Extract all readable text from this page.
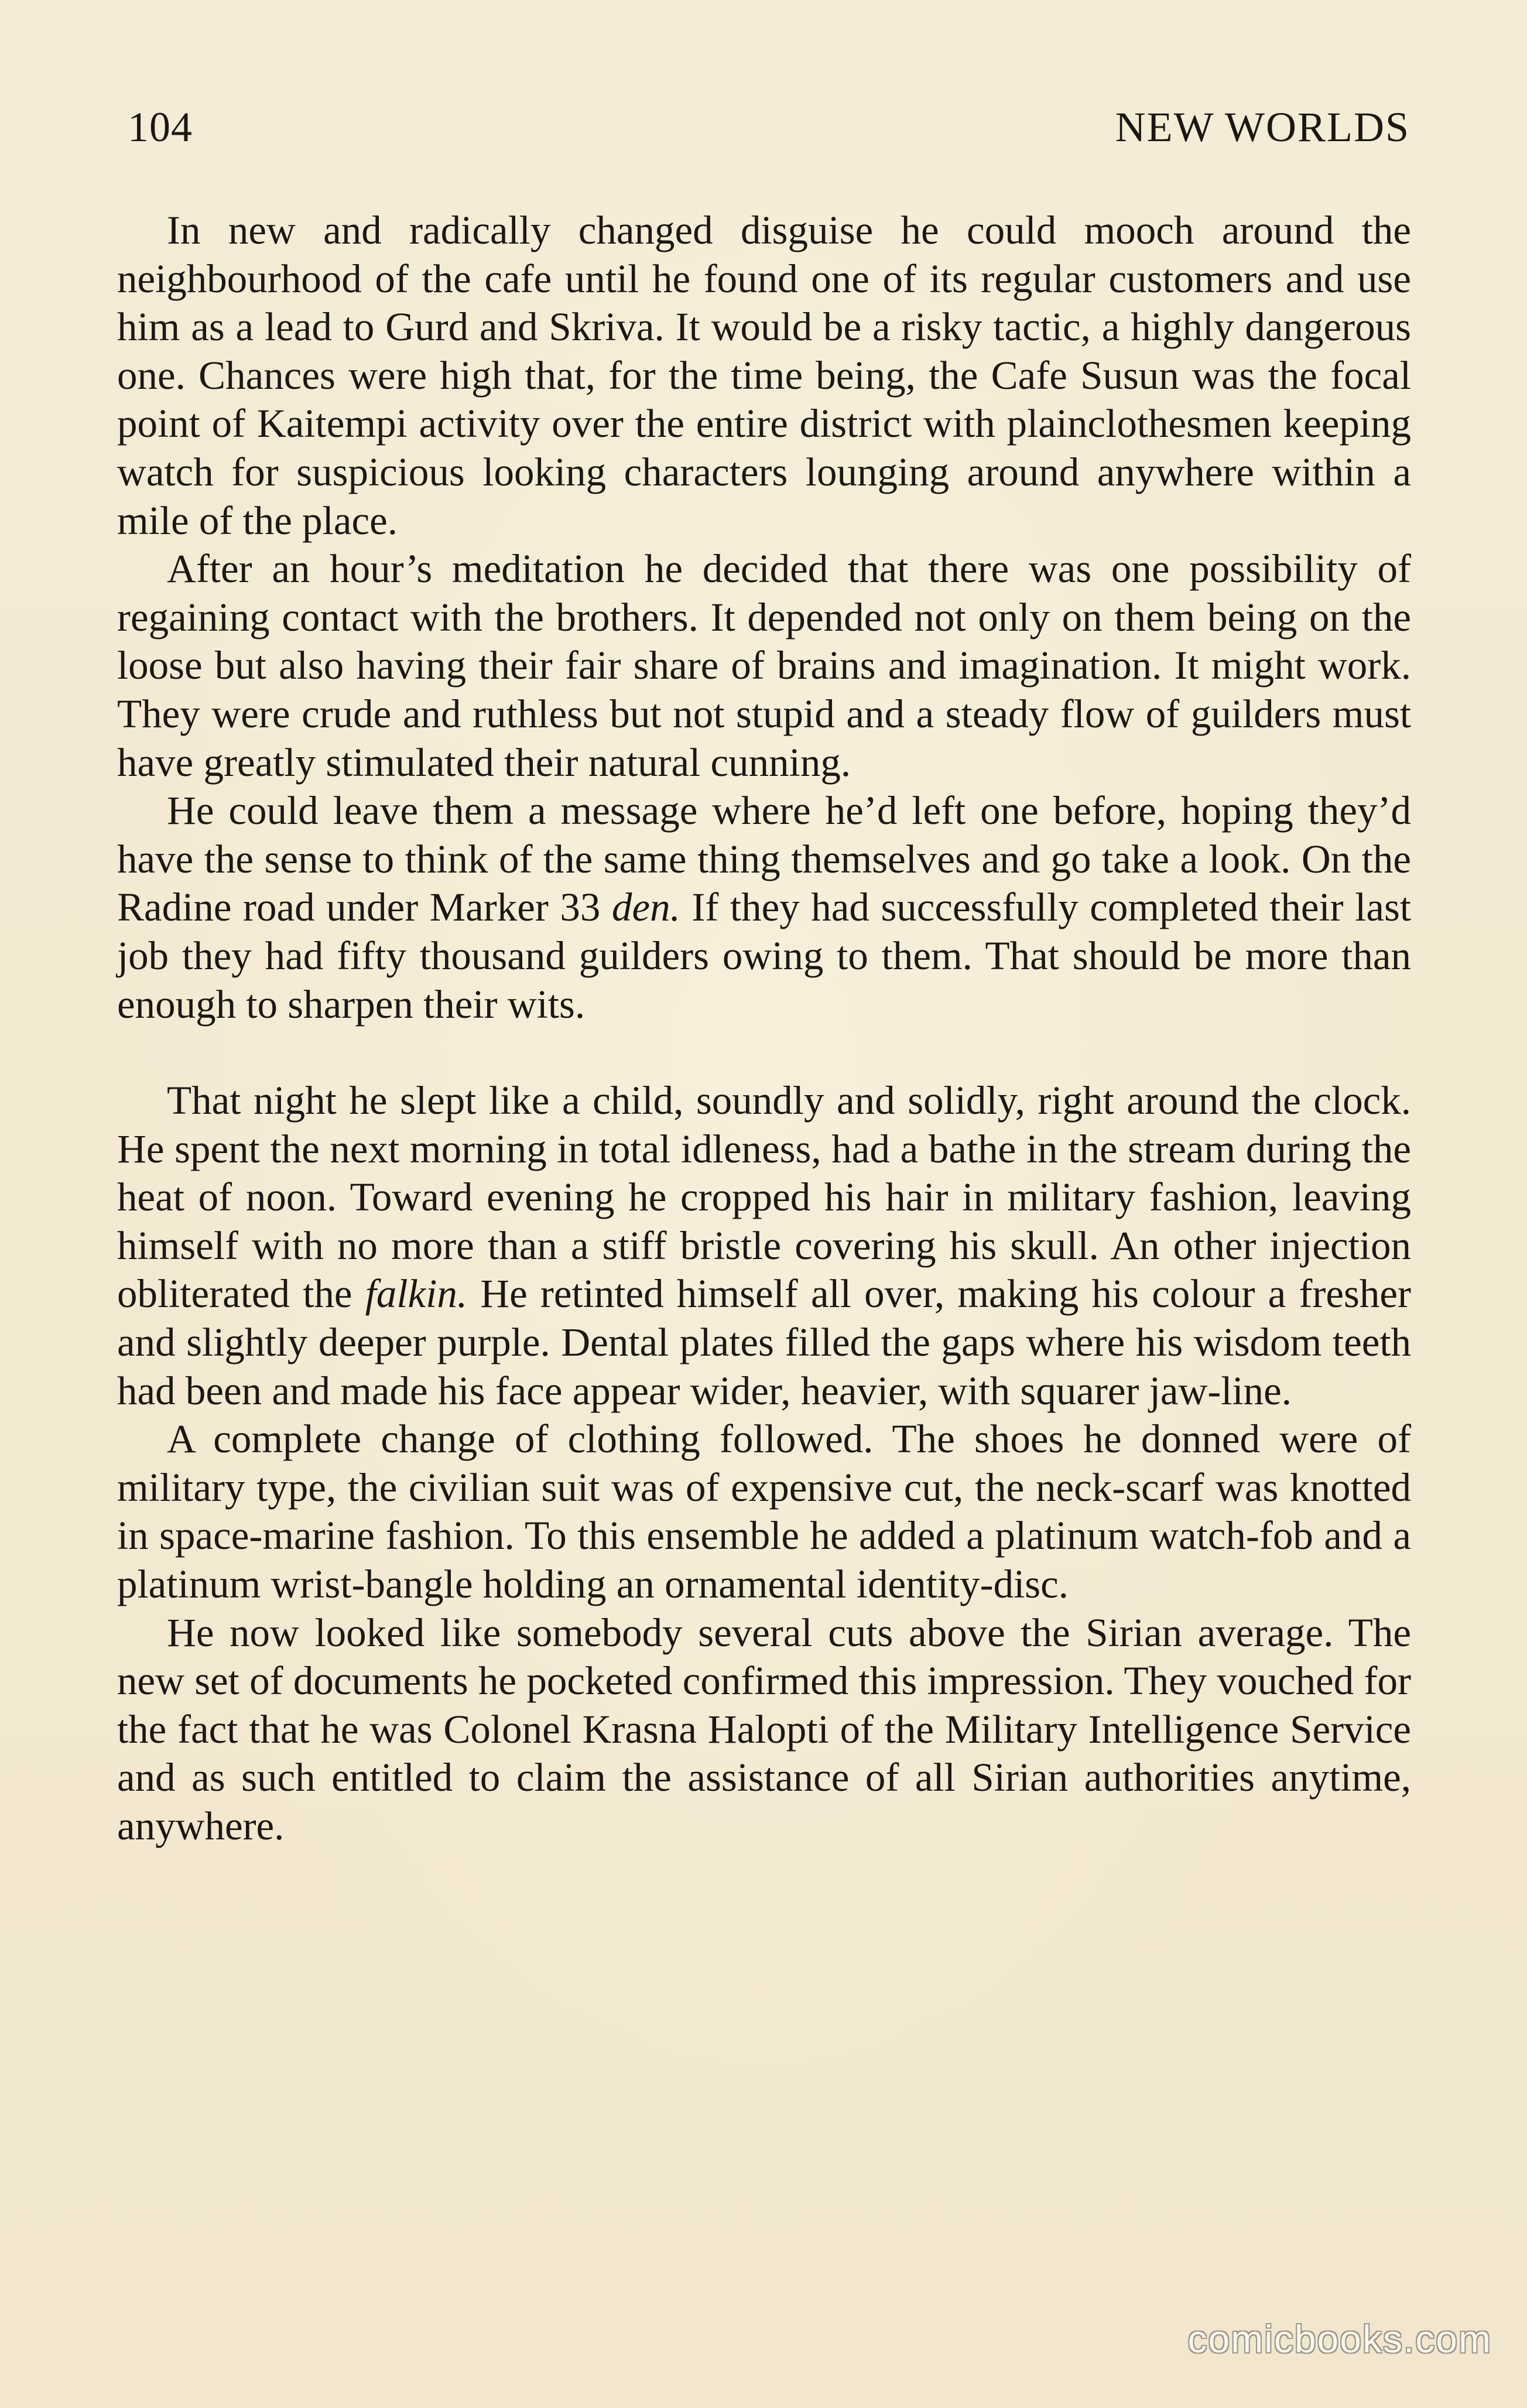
104	NEW WORLDS

In new and radically changed disguise he could mooch around the neighbourhood of the cafe until he found one of its regular customers and use him as a lead to Gurd and Skriva. It would be a risky tactic, a highly dangerous one. Chances were high that, for the time being, the Cafe Susun was the focal point of Kaitempi activity over the entire district with plainclothesmen keeping watch for suspicious looking characters lounging around anywhere within a mile of the place.

After an hour’s meditation he decided that there was one possibility of regaining contact with the brothers. It depended not only on them being on the loose but also having their fair share of brains and imagination. It might work. They were crude and ruthless but not stupid and a steady flow of guilders must have greatly stimulated their natural cunning.

He could leave them a message where he’d left one before, hoping they’d have the sense to think of the same thing themselves and go take a look. On the Radine road under Marker 33 den. If they had successfully completed their last job they had fifty thousand guilders owing to them. That should be more than enough to sharpen their wits.

That night he slept like a child, soundly and solidly, right around the clock. He spent the next morning in total idleness, had a bathe in the stream during the heat of noon. Toward evening he cropped his hair in military fashion, leaving himself with no more than a stiff bristle covering his skull. An other injection obliterated the falkin. He retinted himself all over, making his colour a fresher and slightly deeper purple. Dental plates filled the gaps where his wisdom teeth had been and made his face appear wider, heavier, with squarer jaw-line.

A complete change of clothing followed. The shoes he donned were of military type, the civilian suit was of expensive cut, the neck-scarf was knotted in space-marine fashion. To this ensemble he added a platinum watch-fob and a platinum wrist-bangle holding an ornamental identity-disc.

He now looked like somebody several cuts above the Sirian average. The new set of documents he pocketed confirmed this impression. They vouched for the fact that he was Colonel Krasna Halopti of the Military Intelligence Service and as such entitled to claim the assistance of all Sirian authorities anytime, anywhere.

comicbooks.com
